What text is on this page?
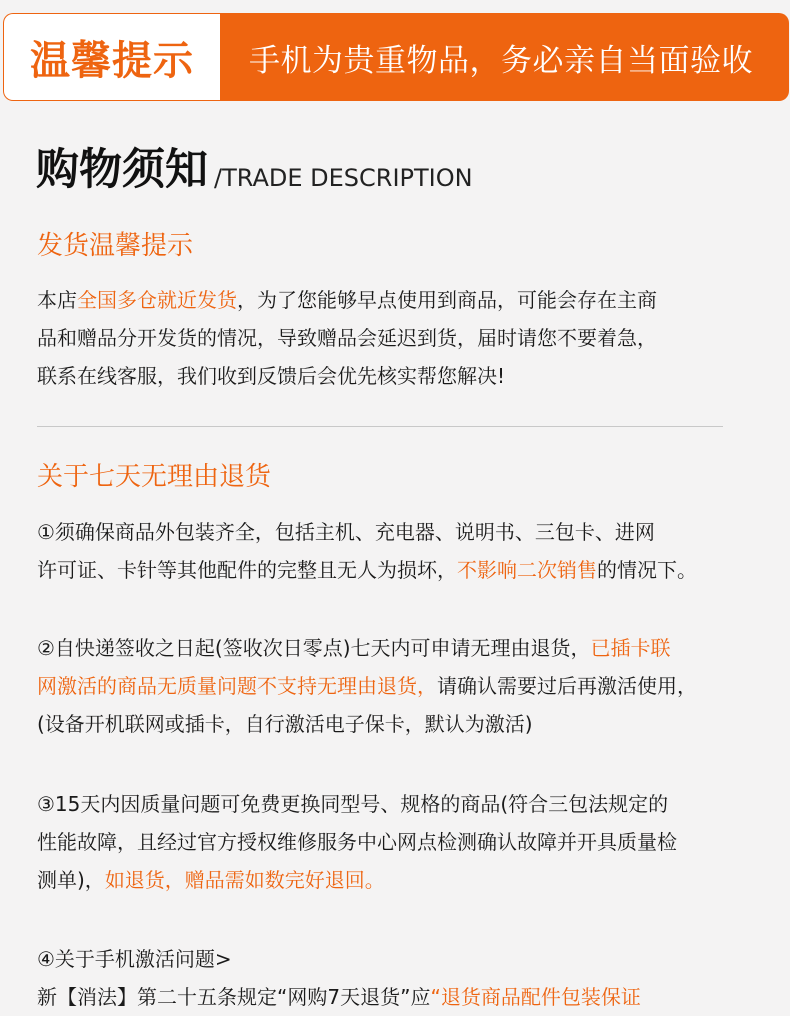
温馨提示	手机为贵重物品，务必亲自当面验收
购物须知 /TRADE DESCRIPTION
发货温馨提示
本店全国多仓就近发货，为了您能够早点使用到商品，可能会存在主商
品和赠品分开发货的情况，导致赠品会延迟到货，届时请您不要着急，
联系在线客服，我们收到反馈后会优先核实帮您解决!
关于七天无理由退货
①须确保商品外包装齐全，包括主机、充电器、说明书、三包卡、进网
许可证、卡针等其他配件的完整且无人为损坏，不影响二次销售的情况下。
②自快递签收之日起(签收次日零点)七天内可申请无理由退货，已插卡联
网激活的商品无质量问题不支持无理由退货，请确认需要过后再激活使用，
(设备开机联网或插卡，自行激活电子保卡，默认为激活)
③15天内因质量问题可免费更换同型号、规格的商品(符合三包法规定的
性能故障，且经过官方授权维修服务中心网点检测确认故障并开具质量检
测单)，如退货，赠品需如数完好退回。
④关于手机激活问题>
新【消法】第二十五条规定“网购7天退货”应“退货商品配件包装保证
